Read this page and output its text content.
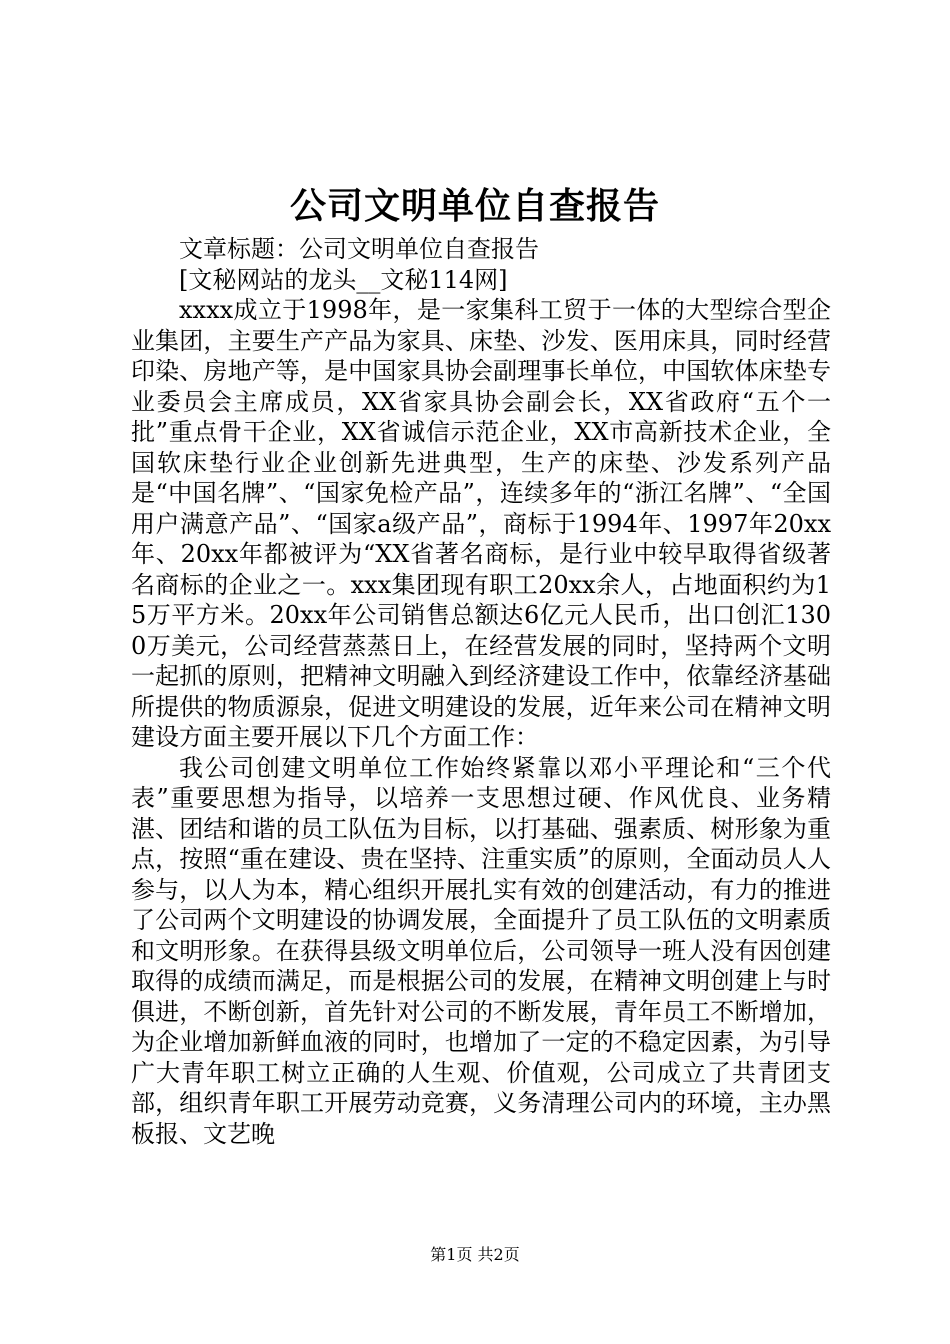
公司文明单位自查报告

文章标题：公司文明单位自查报告

[文秘网站的龙头__文秘114网]

xxxx成立于1998年，是一家集科工贸于一体的大型综合型企业集团，主要生产产品为家具、床垫、沙发、医用床具，同时经营印染、房地产等，是中国家具协会副理事长单位，中国软体床垫专业委员会主席成员，XX省家具协会副会长，XX省政府“五个一批”重点骨干企业，XX省诚信示范企业，XX市高新技术企业，全国软床垫行业企业创新先进典型，生产的床垫、沙发系列产品是“中国名牌”、“国家免检产品”，连续多年的“浙江名牌”、“全国用户满意产品”、“国家a级产品”，商标于1994年、1997年20xx年、20xx年都被评为“XX省著名商标，是行业中较早取得省级著名商标的企业之一。xxx集团现有职工20xx余人，占地面积约为15万平方米。20xx年公司销售总额达6亿元人民币，出口创汇1300万美元，公司经营蒸蒸日上，在经营发展的同时，坚持两个文明一起抓的原则，把精神文明融入到经济建设工作中，依靠经济基础所提供的物质源泉，促进文明建设的发展，近年来公司在精神文明建设方面主要开展以下几个方面工作：

我公司创建文明单位工作始终紧靠以邓小平理论和“三个代表”重要思想为指导，以培养一支思想过硬、作风优良、业务精湛、团结和谐的员工队伍为目标，以打基础、强素质、树形象为重点，按照“重在建设、贵在坚持、注重实质”的原则，全面动员人人参与，以人为本，精心组织开展扎实有效的创建活动，有力的推进了公司两个文明建设的协调发展，全面提升了员工队伍的文明素质和文明形象。在获得县级文明单位后，公司领导一班人没有因创建取得的成绩而满足，而是根据公司的发展，在精神文明创建上与时俱进，不断创新，首先针对公司的不断发展，青年员工不断增加，为企业增加新鲜血液的同时，也增加了一定的不稳定因素，为引导广大青年职工树立正确的人生观、价值观，公司成立了共青团支部，组织青年职工开展劳动竞赛，义务清理公司内的环境，主办黑板报、文艺晚

第1页 共2页
